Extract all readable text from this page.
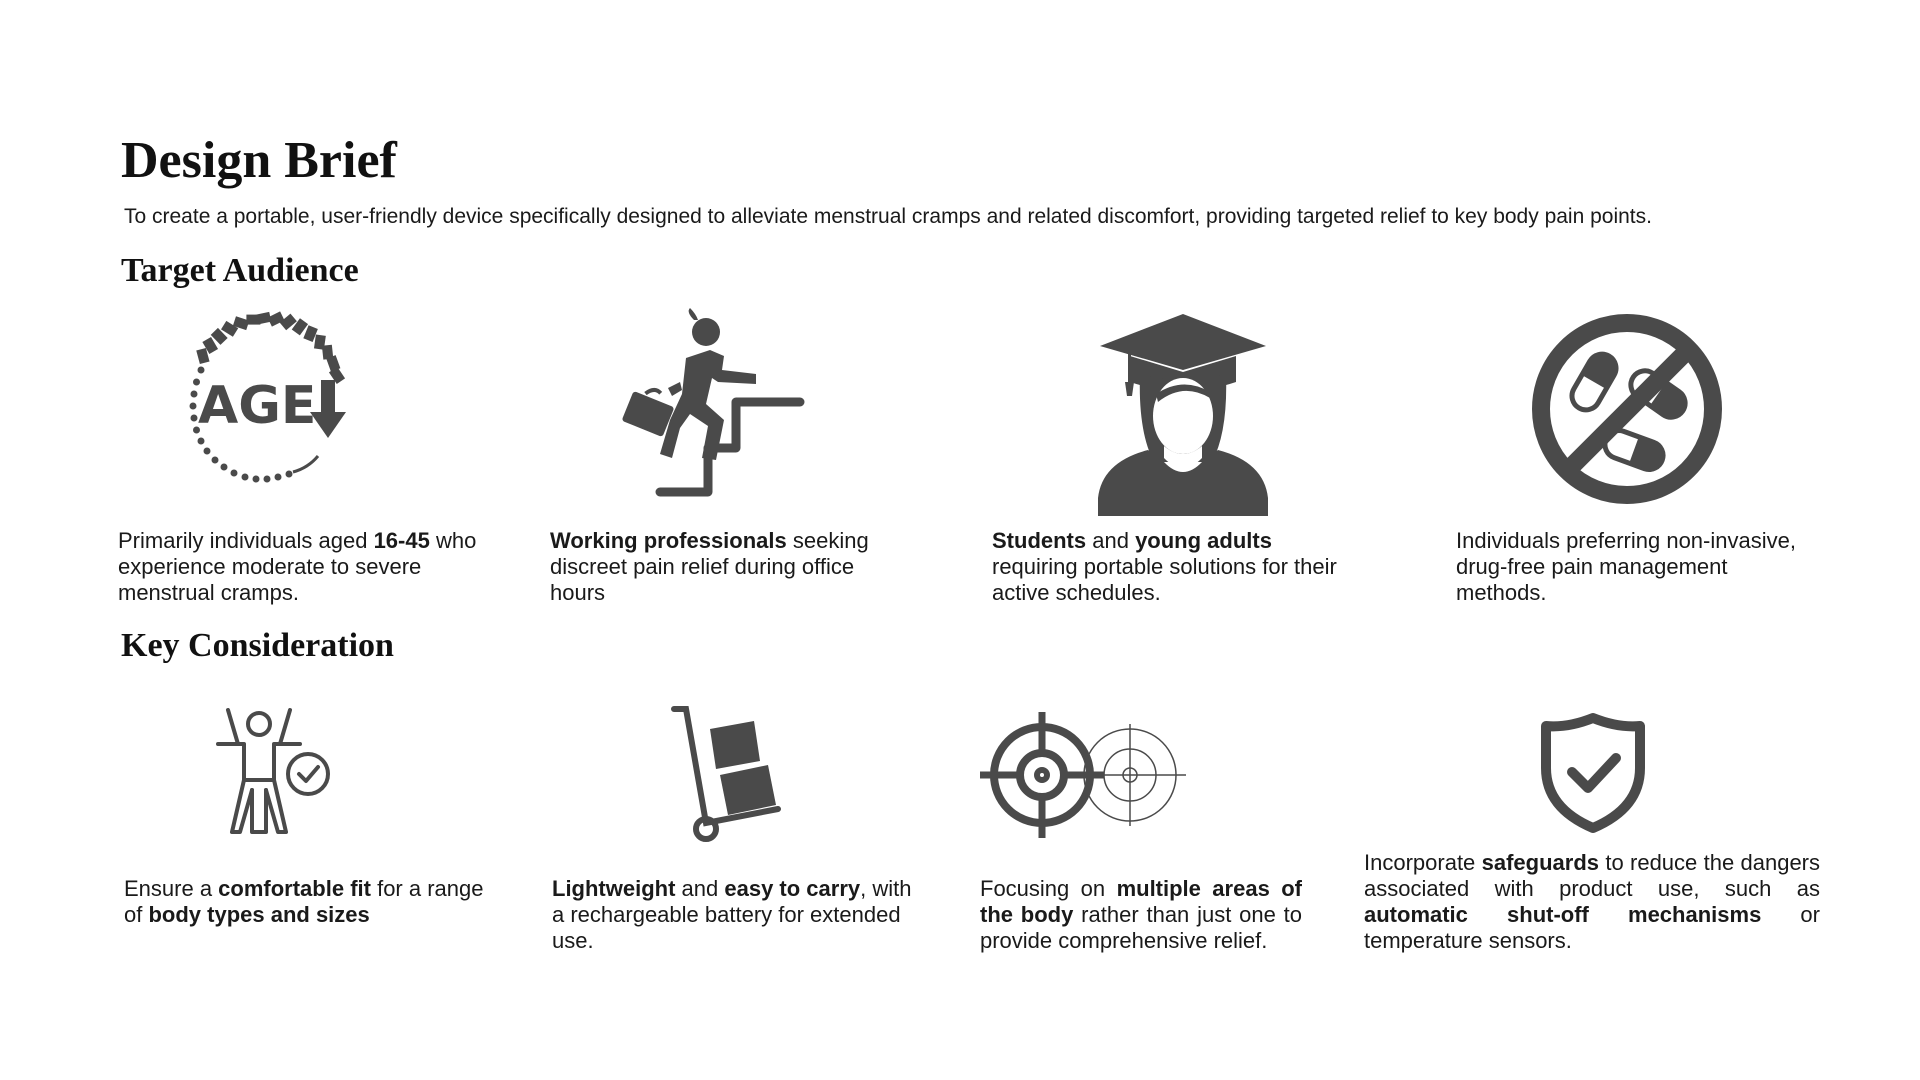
Design Brief

To create a portable, user-friendly device specifically designed to alleviate menstrual cramps and related discomfort, providing targeted relief to key body pain points.

Target Audience
AGE

Primarily individuals aged 16-45 who experience moderate to severe menstrual cramps.

Working professionals seeking discreet pain relief during office hours

Students and young adults requiring portable solutions for their active schedules.

Individuals preferring non-invasive, drug-free pain management methods.

Key Consideration

Ensure a comfortable fit for a range of body types and sizes

Lightweight and easy to carry, with a rechargeable battery for extended use.

Focusing on multiple areas of the body rather than just one to provide comprehensive relief.

Incorporate safeguards to reduce the dangers associated with product use, such as automatic shut-off mechanisms or temperature sensors.
